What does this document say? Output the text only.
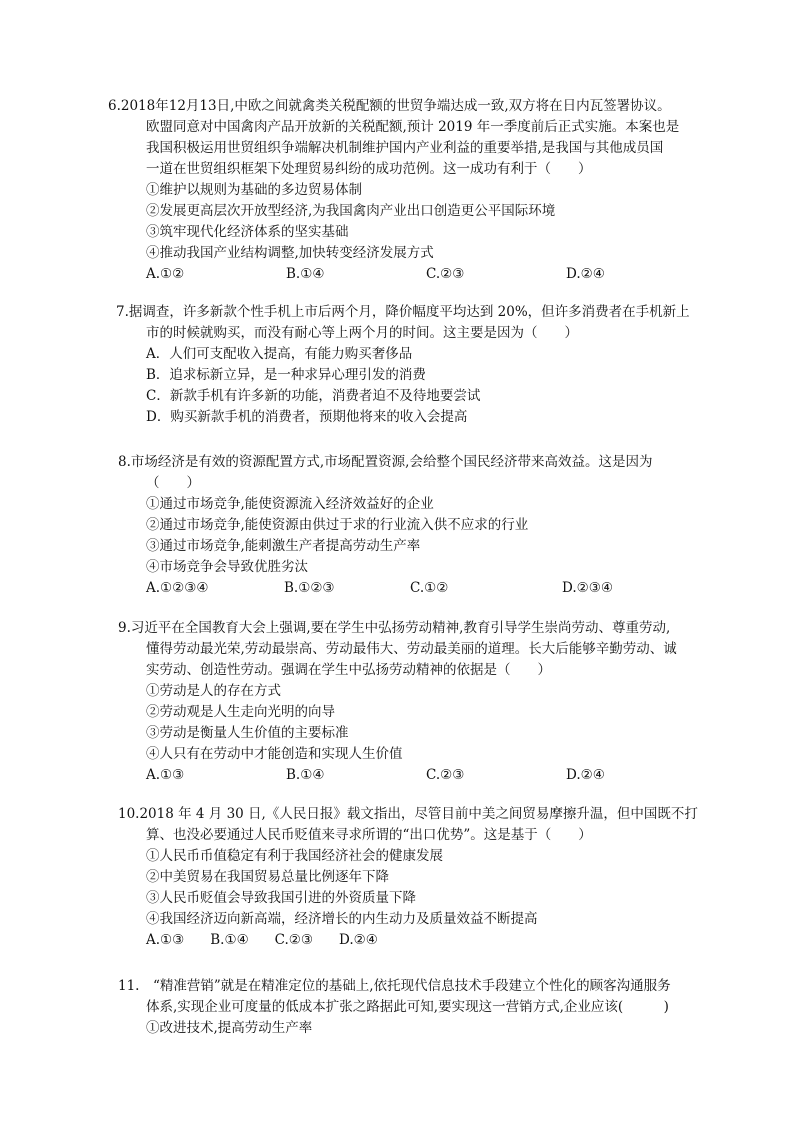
6.2018年12月13日,中欧之间就禽类关税配额的世贸争端达成一致,双方将在日内瓦签署协议。
欧盟同意对中国禽肉产品开放新的关税配额,预计 2019 年一季度前后正式实施。本案也是
我国积极运用世贸组织争端解决机制维护国内产业利益的重要举措,是我国与其他成员国
一道在世贸组织框架下处理贸易纠纷的成功范例。这一成功有利于（　　）
①维护以规则为基础的多边贸易体制
②发展更高层次开放型经济,为我国禽肉产业出口创造更公平国际环境
③筑牢现代化经济体系的坚实基础
④推动我国产业结构调整,加快转变经济发展方式
A.①②	B.①④	C.②③	D.②④
7.据调查，许多新款个性手机上市后两个月，降价幅度平均达到 20%，但许多消费者在手机新上
市的时候就购买，而没有耐心等上两个月的时间。这主要是因为（　　）
A．人们可支配收入提高，有能力购买奢侈品
B．追求标新立异，是一种求异心理引发的消费
C．新款手机有许多新的功能，消费者迫不及待地要尝试
D．购买新款手机的消费者，预期他将来的收入会提高
8.市场经济是有效的资源配置方式,市场配置资源,会给整个国民经济带来高效益。这是因为
（　　）
①通过市场竞争,能使资源流入经济效益好的企业
②通过市场竞争,能使资源由供过于求的行业流入供不应求的行业
③通过市场竞争,能刺激生产者提高劳动生产率
④市场竞争会导致优胜劣汰
A.①②③④	B.①②③	C.①②	D.②③④
9.习近平在全国教育大会上强调,要在学生中弘扬劳动精神,教育引导学生崇尚劳动、尊重劳动,
懂得劳动最光荣,劳动最崇高、劳动最伟大、劳动最美丽的道理。长大后能够辛勤劳动、诚
实劳动、创造性劳动。强调在学生中弘扬劳动精神的依据是（　　）
①劳动是人的存在方式
②劳动观是人生走向光明的向导
③劳动是衡量人生价值的主要标准
④人只有在劳动中才能创造和实现人生价值
A.①③	B.①④	C.②③	D.②④
10.2018 年 4 月 30 日,《人民日报》载文指出，尽管目前中美之间贸易摩擦升温，但中国既不打
算、也没必要通过人民币贬值来寻求所谓的“出口优势”。这是基于（　　）
①人民币币值稳定有利于我国经济社会的健康发展
②中美贸易在我国贸易总量比例逐年下降
③人民币贬值会导致我国引进的外资质量下降
④我国经济迈向新高端，经济增长的内生动力及质量效益不断提高
A.①③ B.①④ C.②③ D.②④
11.　“精准营销”就是在精准定位的基础上,依托现代信息技术手段建立个性化的顾客沟通服务
体系,实现企业可度量的低成本扩张之路据此可知,要实现这一营销方式,企业应该(　　　)
①改进技术,提高劳动生产率
